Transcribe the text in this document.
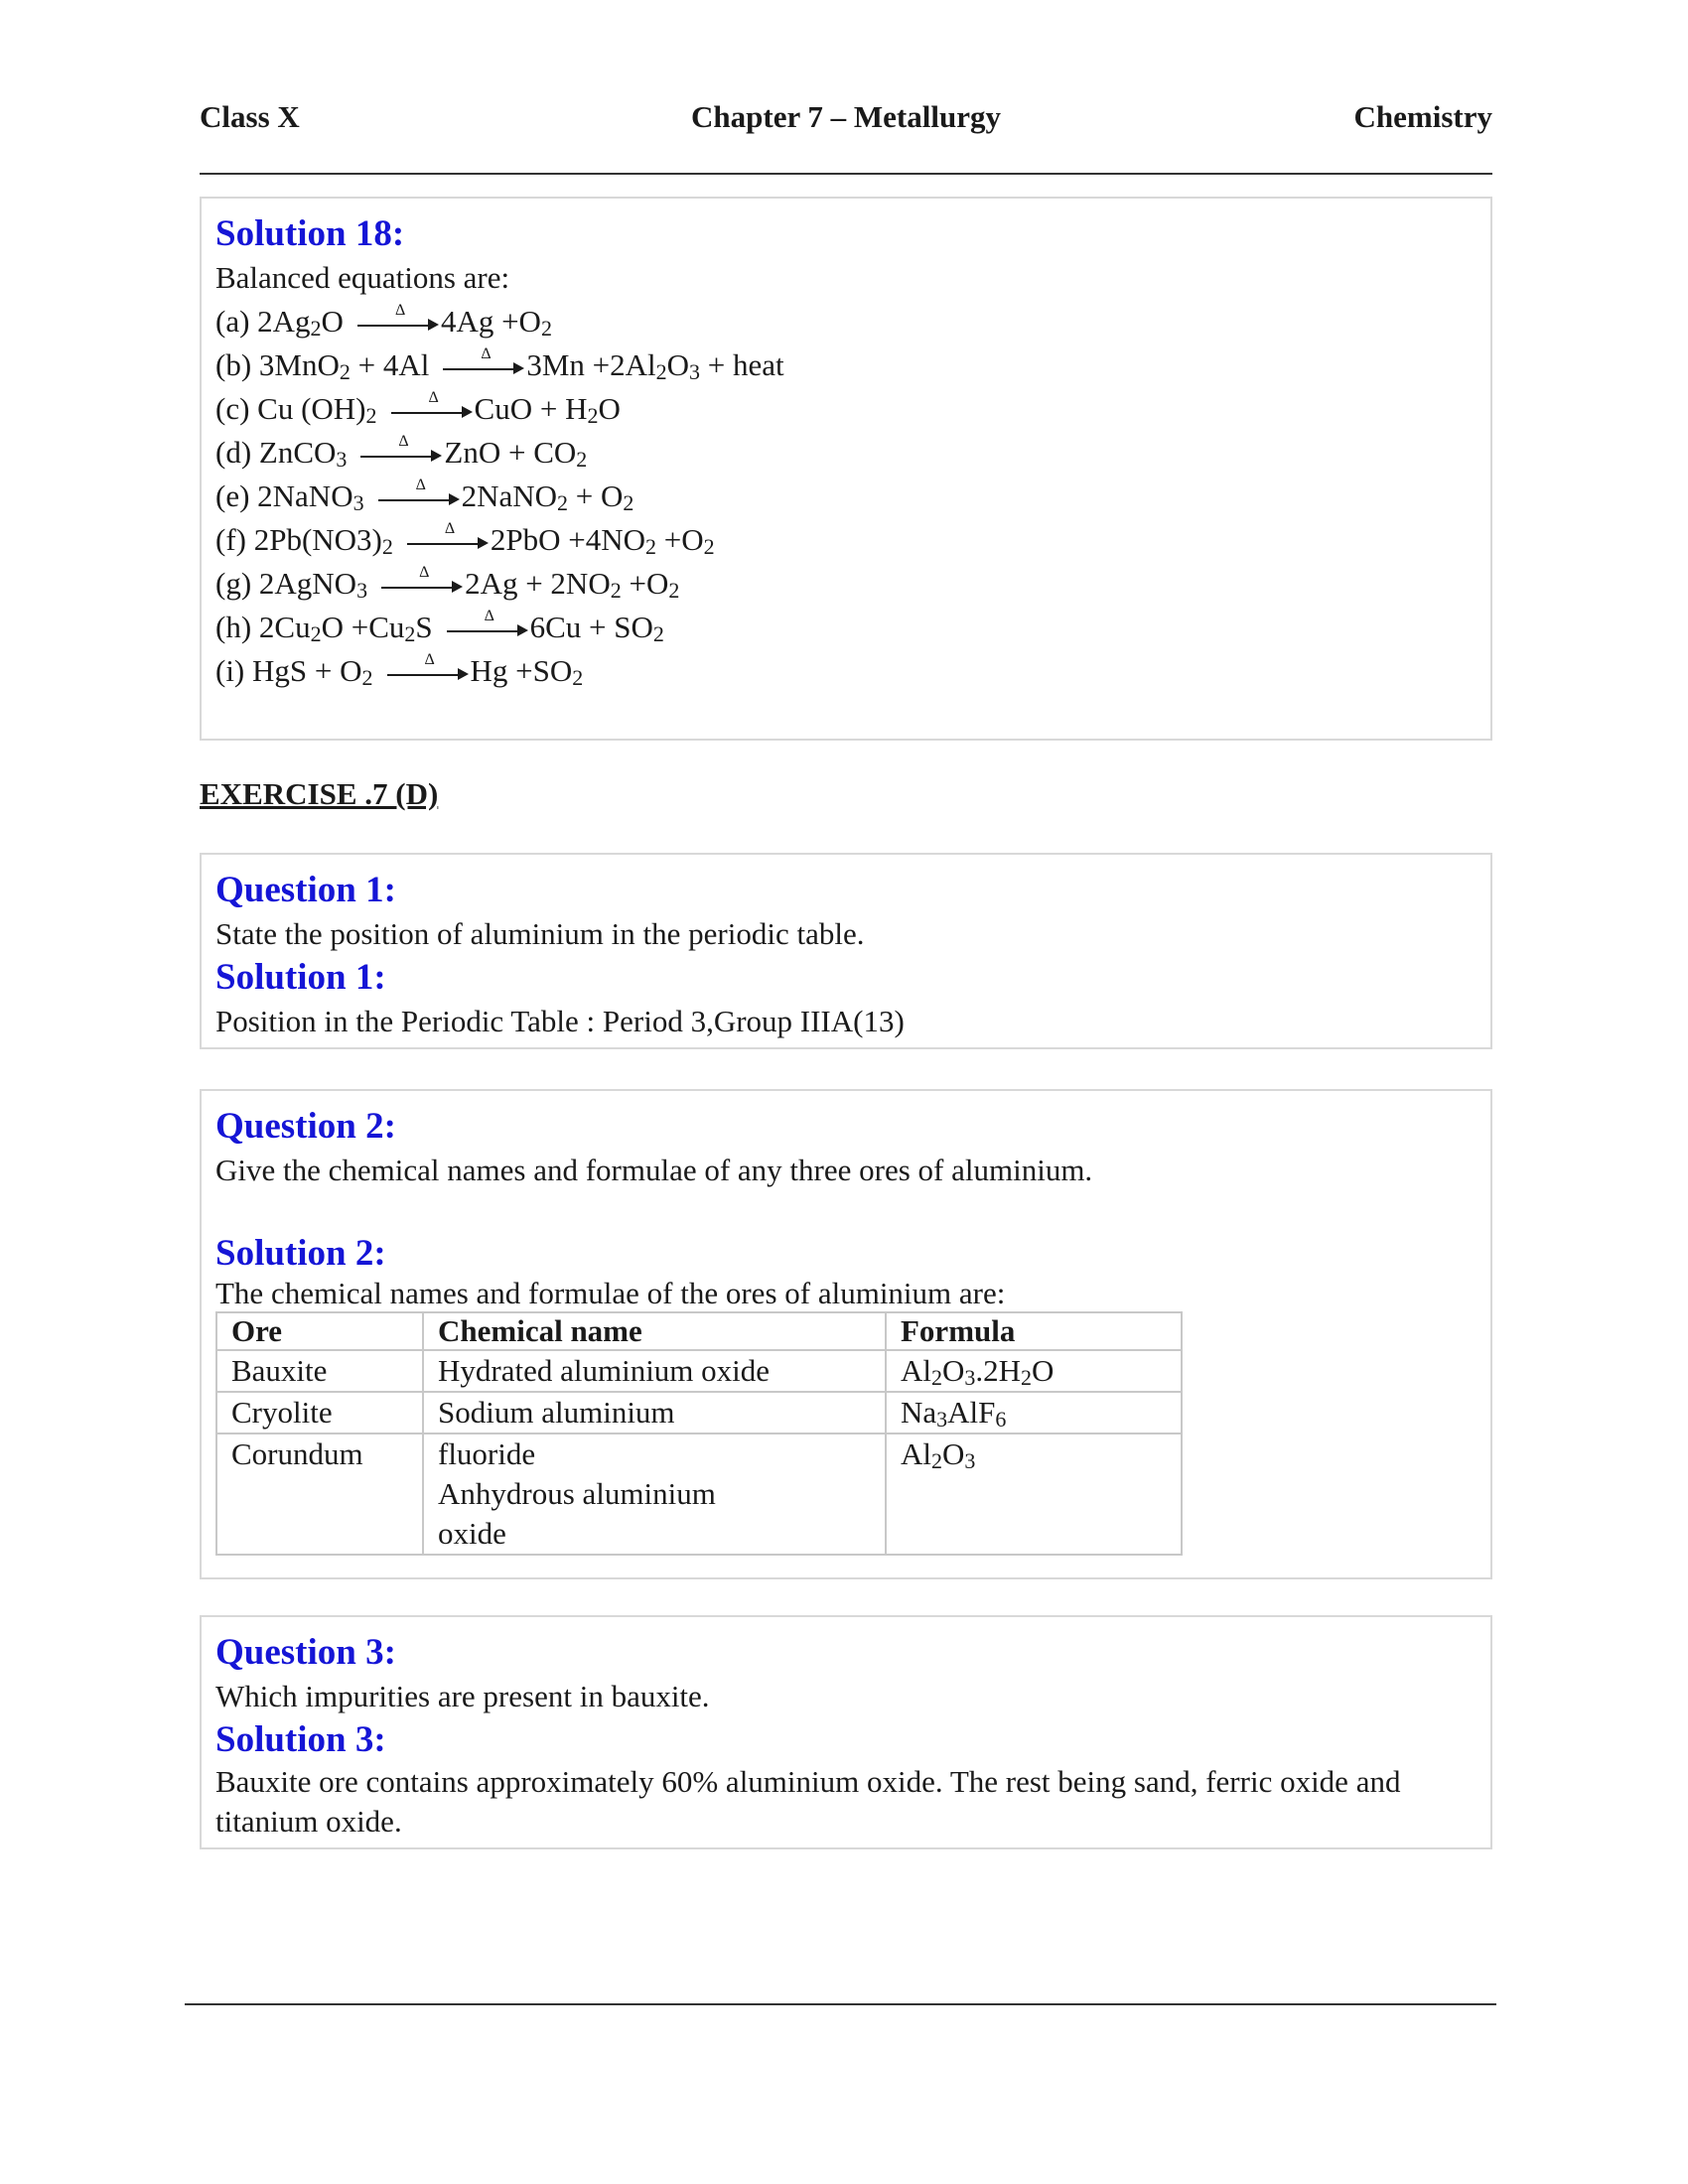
Class X	Chapter 7 – Metallurgy	Chemistry
Solution 18:
Balanced equations are:
(a) $2Ag_2O$	Δ $4Ag +O_2$
(b) 3MnO$_2$ + 4Al	Δ $3Mn +2Al_2O_3$ + heat
(c) Cu $(OH)_2$
Δ CuO + $H_2O$
(d) ZnCO$_3$
Δ ZnO + $CO_2$
(e) 2NaNO$_3$
Δ 2NaNO$_2$ + $O_2$
(f) $2Pb(NO3)_2$
Δ $2PbO +4NO_2 +O_2$
(g) 2AgNO$_3$
Δ $2Ag + 2NO_2 +O_2$
(h) $2Cu_2O +Cu_2S$	Δ $6Cu + SO_2$
(i) HgS + $O_2$
Δ $Hg +SO_2$
EXERCISE .7 (D)
Question 1:
State the position of aluminium in the periodic table.
Solution 1:
Position in the Periodic Table : Period 3,Group IIIA(13)
Question 2:
Give the chemical names and formulae of any three ores of aluminium.
Solution 2:
The chemical names and formulae of the ores of aluminium are:
Ore	Chemical name	Formula

Bauxite	Hydrated aluminium oxide	$Al_2O_3.2H_2O$

Cryolite	Sodium aluminium	$Na_3AlF_6$

Corundum	fluoride
Anhydrous aluminium
oxide	$Al_2O_3$
Question 3:
Which impurities are present in bauxite.
Solution 3:
Bauxite ore contains approximately 60% aluminium oxide. The rest being sand, ferric oxide and titanium oxide.
